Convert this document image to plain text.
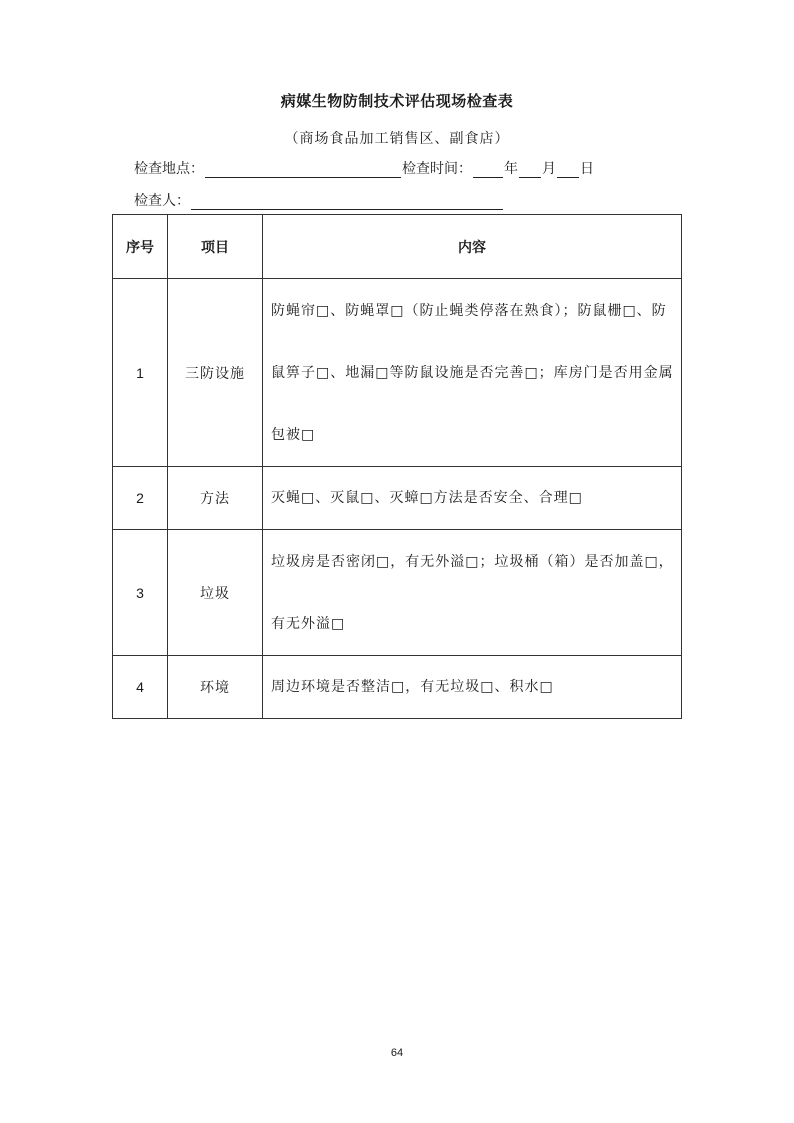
病媒生物防制技术评估现场检查表
（商场食品加工销售区、副食店）
检查地点：	检查时间： 年 月 日
检查人：
序号	项目	内容
1	三防设施	防蝇帘□、防蝇罩□（防止蝇类停落在熟食）；防鼠栅□、防鼠箅子□、地漏□等防鼠设施是否完善□；库房门是否用金属包被□
2	方法	灭蝇□、灭鼠□、灭蟑□方法是否安全、合理□
3	垃圾	垃圾房是否密闭□，有无外溢□；垃圾桶（箱）是否加盖□，有无外溢□
4	环境	周边环境是否整洁□，有无垃圾□、积水□
64
